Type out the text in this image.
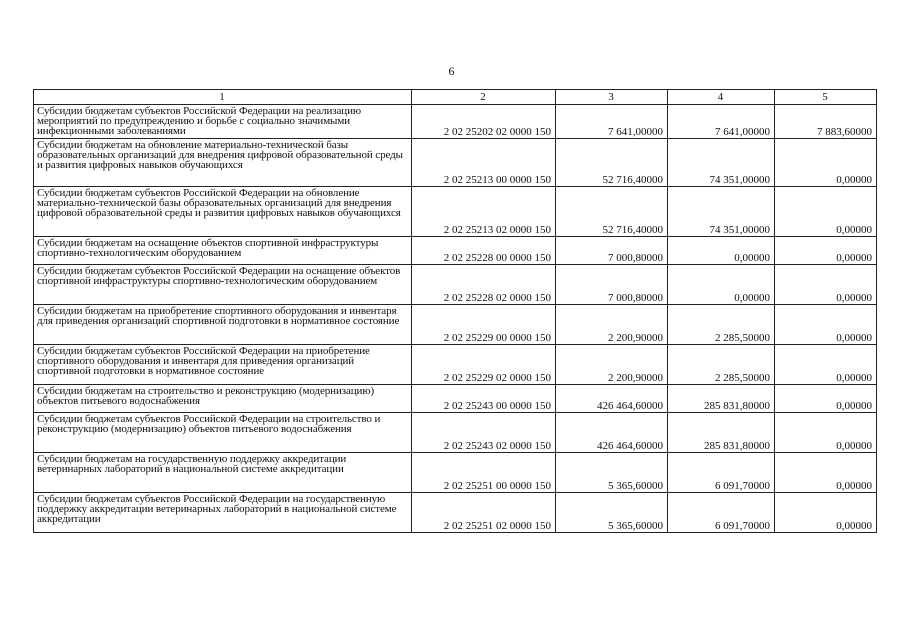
6
1	2	3	4	5
Субсидии бюджетам субъектов Российской Федерации на реализацию мероприятий по предупреждению и борьбе с социально значимыми инфекционными заболеваниями	2 02 25202 02 0000 150	7 641,00000	7 641,00000	7 883,60000
Субсидии бюджетам на обновление материально-технической базы образовательных организаций для внедрения цифровой образовательной среды и развития цифровых навыков обучающихся	2 02 25213 00 0000 150	52 716,40000	74 351,00000	0,00000
Субсидии бюджетам субъектов Российской Федерации на обновление материально-технической базы образовательных организаций для внедрения цифровой образовательной среды и развития цифровых навыков обучающихся	2 02 25213 02 0000 150	52 716,40000	74 351,00000	0,00000
Субсидии бюджетам на оснащение объектов спортивной инфраструктуры спортивно-технологическим оборудованием	2 02 25228 00 0000 150	7 000,80000	0,00000	0,00000
Субсидии бюджетам субъектов Российской Федерации на оснащение объектов спортивной инфраструктуры спортивно-технологическим оборудованием	2 02 25228 02 0000 150	7 000,80000	0,00000	0,00000
Субсидии бюджетам на приобретение спортивного оборудования и инвентаря для приведения организаций спортивной подготовки в нормативное состояние	2 02 25229 00 0000 150	2 200,90000	2 285,50000	0,00000
Субсидии бюджетам субъектов Российской Федерации на приобретение спортивного оборудования и инвентаря для приведения организаций спортивной подготовки в нормативное состояние	2 02 25229 02 0000 150	2 200,90000	2 285,50000	0,00000
Субсидии бюджетам на строительство и реконструкцию (модернизацию) объектов питьевого водоснабжения	2 02 25243 00 0000 150	426 464,60000	285 831,80000	0,00000
Субсидии бюджетам субъектов Российской Федерации на строительство и реконструкцию (модернизацию) объектов питьевого водоснабжения	2 02 25243 02 0000 150	426 464,60000	285 831,80000	0,00000
Субсидии бюджетам на государственную поддержку аккредитации ветеринарных лабораторий в национальной системе аккредитации	2 02 25251 00 0000 150	5 365,60000	6 091,70000	0,00000
Субсидии бюджетам субъектов Российской Федерации на государственную поддержку аккредитации ветеринарных лабораторий в национальной системе аккредитации	2 02 25251 02 0000 150	5 365,60000	6 091,70000	0,00000
